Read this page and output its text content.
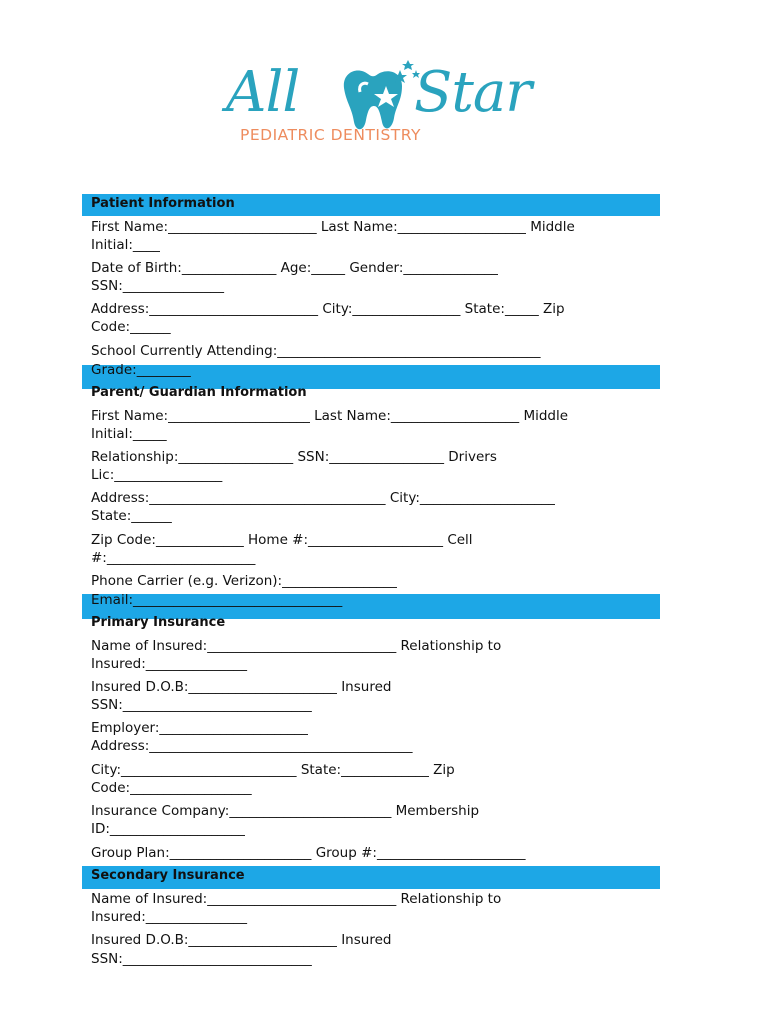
All Star
PEDIATRIC DENTISTRY
Patient Information
First Name:______________________ Last Name:___________________ Middle
Initial:____
Date of Birth:______________ Age:_____ Gender:______________
SSN:_______________
Address:_________________________ City:________________ State:_____ Zip
Code:______
School Currently Attending:_______________________________________
Grade:________
Parent/ Guardian Information
First Name:_____________________ Last Name:___________________ Middle
Initial:_____
Relationship:_________________ SSN:_________________ Drivers
Lic:________________
Address:___________________________________ City:____________________
State:______
Zip Code:_____________ Home #:____________________ Cell
#:______________________
Phone Carrier (e.g. Verizon):_________________
Email:_______________________________
Primary Insurance
Name of Insured:____________________________ Relationship to
Insured:_______________
Insured D.O.B:______________________ Insured
SSN:____________________________
Employer:______________________
Address:_______________________________________
City:__________________________ State:_____________ Zip
Code:__________________
Insurance Company:________________________ Membership
ID:____________________
Group Plan:_____________________ Group #:______________________
Secondary Insurance
Name of Insured:____________________________ Relationship to
Insured:_______________
Insured D.O.B:______________________ Insured
SSN:____________________________
